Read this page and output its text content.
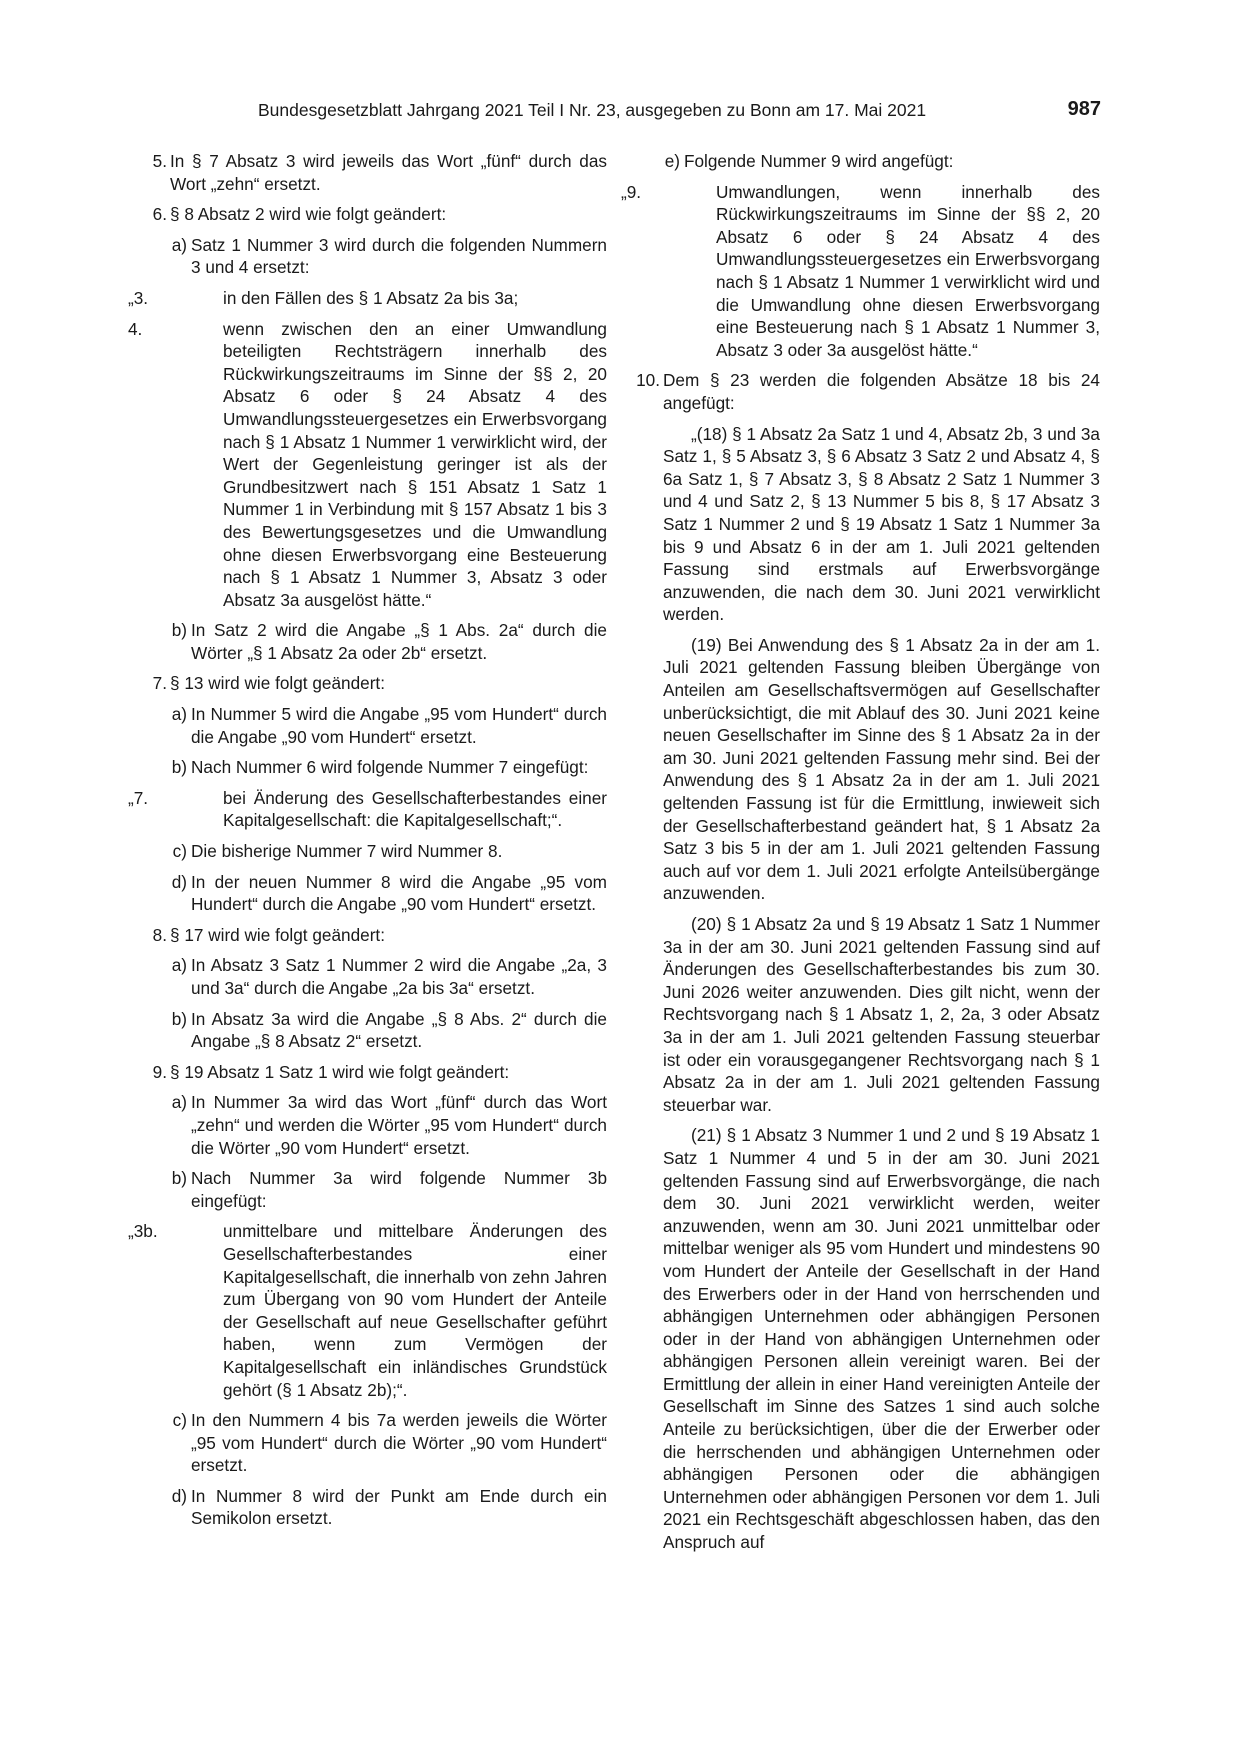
Bundesgesetzblatt Jahrgang 2021 Teil I Nr. 23, ausgegeben zu Bonn am 17. Mai 2021	987
5. In § 7 Absatz 3 wird jeweils das Wort „fünf“ durch das Wort „zehn“ ersetzt.
6. § 8 Absatz 2 wird wie folgt geändert:
a) Satz 1 Nummer 3 wird durch die folgenden Nummern 3 und 4 ersetzt:
„3.	in den Fällen des § 1 Absatz 2a bis 3a;
4.	wenn zwischen den an einer Umwandlung beteiligten Rechtsträgern innerhalb des Rückwirkungszeitraums im Sinne der §§ 2, 20 Absatz 6 oder § 24 Absatz 4 des Umwandlungssteuergesetzes ein Erwerbsvorgang nach § 1 Absatz 1 Nummer 1 verwirklicht wird, der Wert der Gegenleistung geringer ist als der Grundbesitzwert nach § 151 Absatz 1 Satz 1 Nummer 1 in Verbindung mit § 157 Absatz 1 bis 3 des Bewertungsgesetzes und die Umwandlung ohne diesen Erwerbsvorgang eine Besteuerung nach § 1 Absatz 1 Nummer 3, Absatz 3 oder Absatz 3a ausgelöst hätte.“
b) In Satz 2 wird die Angabe „§ 1 Abs. 2a“ durch die Wörter „§ 1 Absatz 2a oder 2b“ ersetzt.
7. § 13 wird wie folgt geändert:
a) In Nummer 5 wird die Angabe „95 vom Hundert“ durch die Angabe „90 vom Hundert“ ersetzt.
b) Nach Nummer 6 wird folgende Nummer 7 eingefügt:
„7.	bei Änderung des Gesellschafterbestandes einer Kapitalgesellschaft: die Kapitalgesellschaft;“.
c) Die bisherige Nummer 7 wird Nummer 8.
d) In der neuen Nummer 8 wird die Angabe „95 vom Hundert“ durch die Angabe „90 vom Hundert“ ersetzt.
8. § 17 wird wie folgt geändert:
a) In Absatz 3 Satz 1 Nummer 2 wird die Angabe „2a, 3 und 3a“ durch die Angabe „2a bis 3a“ ersetzt.
b) In Absatz 3a wird die Angabe „§ 8 Abs. 2“ durch die Angabe „§ 8 Absatz 2“ ersetzt.
9. § 19 Absatz 1 Satz 1 wird wie folgt geändert:
a) In Nummer 3a wird das Wort „fünf“ durch das Wort „zehn“ und werden die Wörter „95 vom Hundert“ durch die Wörter „90 vom Hundert“ ersetzt.
b) Nach Nummer 3a wird folgende Nummer 3b eingefügt:
„3b.	unmittelbare und mittelbare Änderungen des Gesellschafterbestandes einer Kapitalgesellschaft, die innerhalb von zehn Jahren zum Übergang von 90 vom Hundert der Anteile der Gesellschaft auf neue Gesellschafter geführt haben, wenn zum Vermögen der Kapitalgesellschaft ein inländisches Grundstück gehört (§ 1 Absatz 2b);“.
c) In den Nummern 4 bis 7a werden jeweils die Wörter „95 vom Hundert“ durch die Wörter „90 vom Hundert“ ersetzt.
d) In Nummer 8 wird der Punkt am Ende durch ein Semikolon ersetzt.
e) Folgende Nummer 9 wird angefügt:
„9.	Umwandlungen, wenn innerhalb des Rückwirkungszeitraums im Sinne der §§ 2, 20 Absatz 6 oder § 24 Absatz 4 des Umwandlungssteuergesetzes ein Erwerbsvorgang nach § 1 Absatz 1 Nummer 1 verwirklicht wird und die Umwandlung ohne diesen Erwerbsvorgang eine Besteuerung nach § 1 Absatz 1 Nummer 3, Absatz 3 oder 3a ausgelöst hätte.“
10. Dem § 23 werden die folgenden Absätze 18 bis 24 angefügt:
„(18) § 1 Absatz 2a Satz 1 und 4, Absatz 2b, 3 und 3a Satz 1, § 5 Absatz 3, § 6 Absatz 3 Satz 2 und Absatz 4, § 6a Satz 1, § 7 Absatz 3, § 8 Absatz 2 Satz 1 Nummer 3 und 4 und Satz 2, § 13 Nummer 5 bis 8, § 17 Absatz 3 Satz 1 Nummer 2 und § 19 Absatz 1 Satz 1 Nummer 3a bis 9 und Absatz 6 in der am 1. Juli 2021 geltenden Fassung sind erstmals auf Erwerbsvorgänge anzuwenden, die nach dem 30. Juni 2021 verwirklicht werden.
(19) Bei Anwendung des § 1 Absatz 2a in der am 1. Juli 2021 geltenden Fassung bleiben Übergänge von Anteilen am Gesellschaftsvermögen auf Gesellschafter unberücksichtigt, die mit Ablauf des 30. Juni 2021 keine neuen Gesellschafter im Sinne des § 1 Absatz 2a in der am 30. Juni 2021 geltenden Fassung mehr sind. Bei der Anwendung des § 1 Absatz 2a in der am 1. Juli 2021 geltenden Fassung ist für die Ermittlung, inwieweit sich der Gesellschafterbestand geändert hat, § 1 Absatz 2a Satz 3 bis 5 in der am 1. Juli 2021 geltenden Fassung auch auf vor dem 1. Juli 2021 erfolgte Anteilsübergänge anzuwenden.
(20) § 1 Absatz 2a und § 19 Absatz 1 Satz 1 Nummer 3a in der am 30. Juni 2021 geltenden Fassung sind auf Änderungen des Gesellschafterbestandes bis zum 30. Juni 2026 weiter anzuwenden. Dies gilt nicht, wenn der Rechtsvorgang nach § 1 Absatz 1, 2, 2a, 3 oder Absatz 3a in der am 1. Juli 2021 geltenden Fassung steuerbar ist oder ein vorausgegangener Rechtsvorgang nach § 1 Absatz 2a in der am 1. Juli 2021 geltenden Fassung steuerbar war.
(21) § 1 Absatz 3 Nummer 1 und 2 und § 19 Absatz 1 Satz 1 Nummer 4 und 5 in der am 30. Juni 2021 geltenden Fassung sind auf Erwerbsvorgänge, die nach dem 30. Juni 2021 verwirklicht werden, weiter anzuwenden, wenn am 30. Juni 2021 unmittelbar oder mittelbar weniger als 95 vom Hundert und mindestens 90 vom Hundert der Anteile der Gesellschaft in der Hand des Erwerbers oder in der Hand von herrschenden und abhängigen Unternehmen oder abhängigen Personen oder in der Hand von abhängigen Unternehmen oder abhängigen Personen allein vereinigt waren. Bei der Ermittlung der allein in einer Hand vereinigten Anteile der Gesellschaft im Sinne des Satzes 1 sind auch solche Anteile zu berücksichtigen, über die der Erwerber oder die herrschenden und abhängigen Unternehmen oder abhängigen Personen oder die abhängigen Unternehmen oder abhängigen Personen vor dem 1. Juli 2021 ein Rechtsgeschäft abgeschlossen haben, das den Anspruch auf
